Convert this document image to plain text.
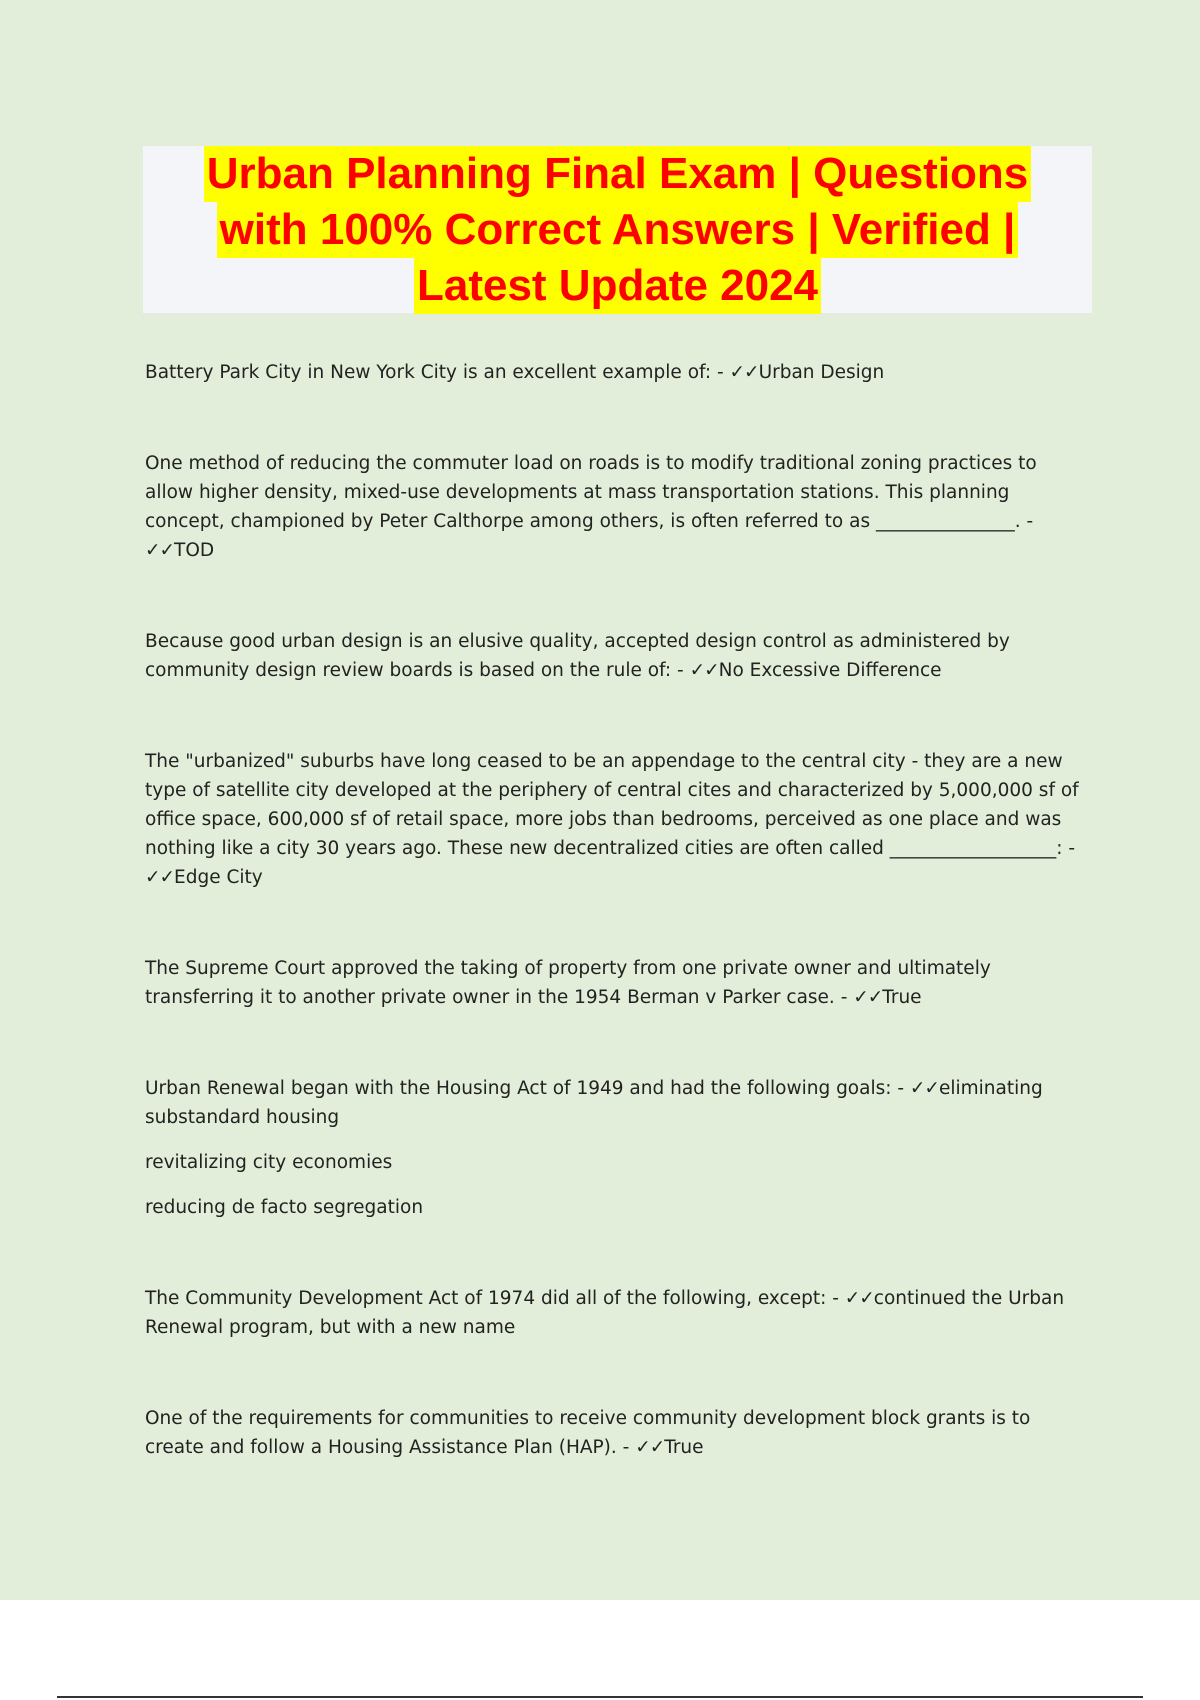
Urban Planning Final Exam | Questions
with 100% Correct Answers | Verified |
Latest Update 2024

Battery Park City in New York City is an excellent example of: - ✓✓Urban Design

One method of reducing the commuter load on roads is to modify traditional zoning practices to allow higher density, mixed-use developments at mass transportation stations. This planning concept, championed by Peter Calthorpe among others, is often referred to as _______________. - ✓✓TOD

Because good urban design is an elusive quality, accepted design control as administered by community design review boards is based on the rule of: - ✓✓No Excessive Difference

The "urbanized" suburbs have long ceased to be an appendage to the central city - they are a new type of satellite city developed at the periphery of central cites and characterized by 5,000,000 sf of office space, 600,000 sf of retail space, more jobs than bedrooms, perceived as one place and was nothing like a city 30 years ago. These new decentralized cities are often called __________________: - ✓✓Edge City

The Supreme Court approved the taking of property from one private owner and ultimately transferring it to another private owner in the 1954 Berman v Parker case. - ✓✓True

Urban Renewal began with the Housing Act of 1949 and had the following goals: - ✓✓eliminating substandard housing

revitalizing city economies

reducing de facto segregation

The Community Development Act of 1974 did all of the following, except: - ✓✓continued the Urban Renewal program, but with a new name

One of the requirements for communities to receive community development block grants is to create and follow a Housing Assistance Plan (HAP). - ✓✓True
